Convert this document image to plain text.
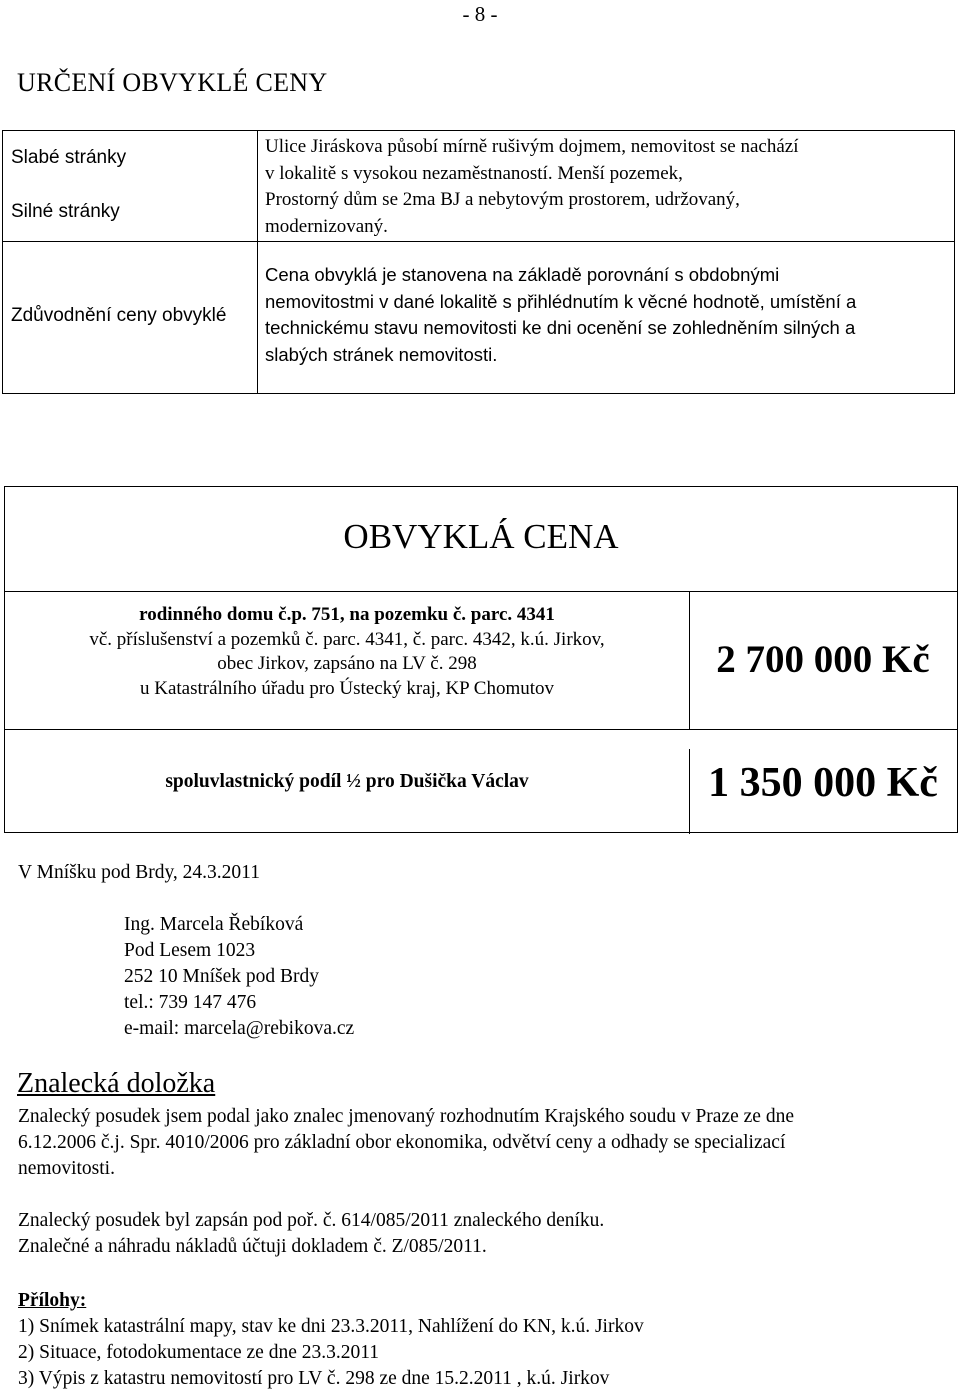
- 8 -
URČENÍ OBVYKLÉ CENY
Slabé stránky
Silné stránky
Ulice Jiráskova působí mírně rušivým dojmem, nemovitost se nachází
v lokalitě s vysokou nezaměstnaností. Menší pozemek,
Prostorný dům se 2ma BJ a nebytovým prostorem, udržovaný,
modernizovaný.
Zdůvodnění ceny obvyklé
Cena obvyklá je stanovena na základě porovnání s obdobnými
nemovitostmi v dané lokalitě s přihlédnutím k věcné hodnotě, umístění a
technickému stavu nemovitosti ke dni ocenění se zohledněním silných a
slabých stránek nemovitosti.
OBVYKLÁ CENA
rodinného domu č.p. 751, na pozemku č. parc. 4341
vč. příslušenství a pozemků č. parc. 4341, č. parc. 4342, k.ú. Jirkov,
obec Jirkov, zapsáno na LV č. 298
u Katastrálního úřadu pro Ústecký kraj, KP Chomutov
2 700 000 Kč
spoluvlastnický podíl ½ pro Dušička Václav	1 350 000 Kč
V Mníšku pod Brdy, 24.3.2011
Ing. Marcela Řebíková
Pod Lesem 1023
252 10 Mníšek pod Brdy
tel.: 739 147 476
e-mail: marcela@rebikova.cz
Znalecká doložka
Znalecký posudek jsem podal jako znalec jmenovaný rozhodnutím Krajského soudu v Praze ze dne
6.12.2006 č.j. Spr. 4010/2006 pro základní obor ekonomika, odvětví ceny a odhady se specializací
nemovitosti.
Znalecký posudek byl zapsán pod poř. č. 614/085/2011 znaleckého deníku.
Znalečné a náhradu nákladů účtuji dokladem č. Z/085/2011.
Přílohy:
1) Snímek katastrální mapy, stav ke dni 23.3.2011, Nahlížení do KN, k.ú. Jirkov
2) Situace, fotodokumentace ze dne 23.3.2011
3) Výpis z katastru nemovitostí pro LV č. 298 ze dne 15.2.2011 , k.ú. Jirkov
